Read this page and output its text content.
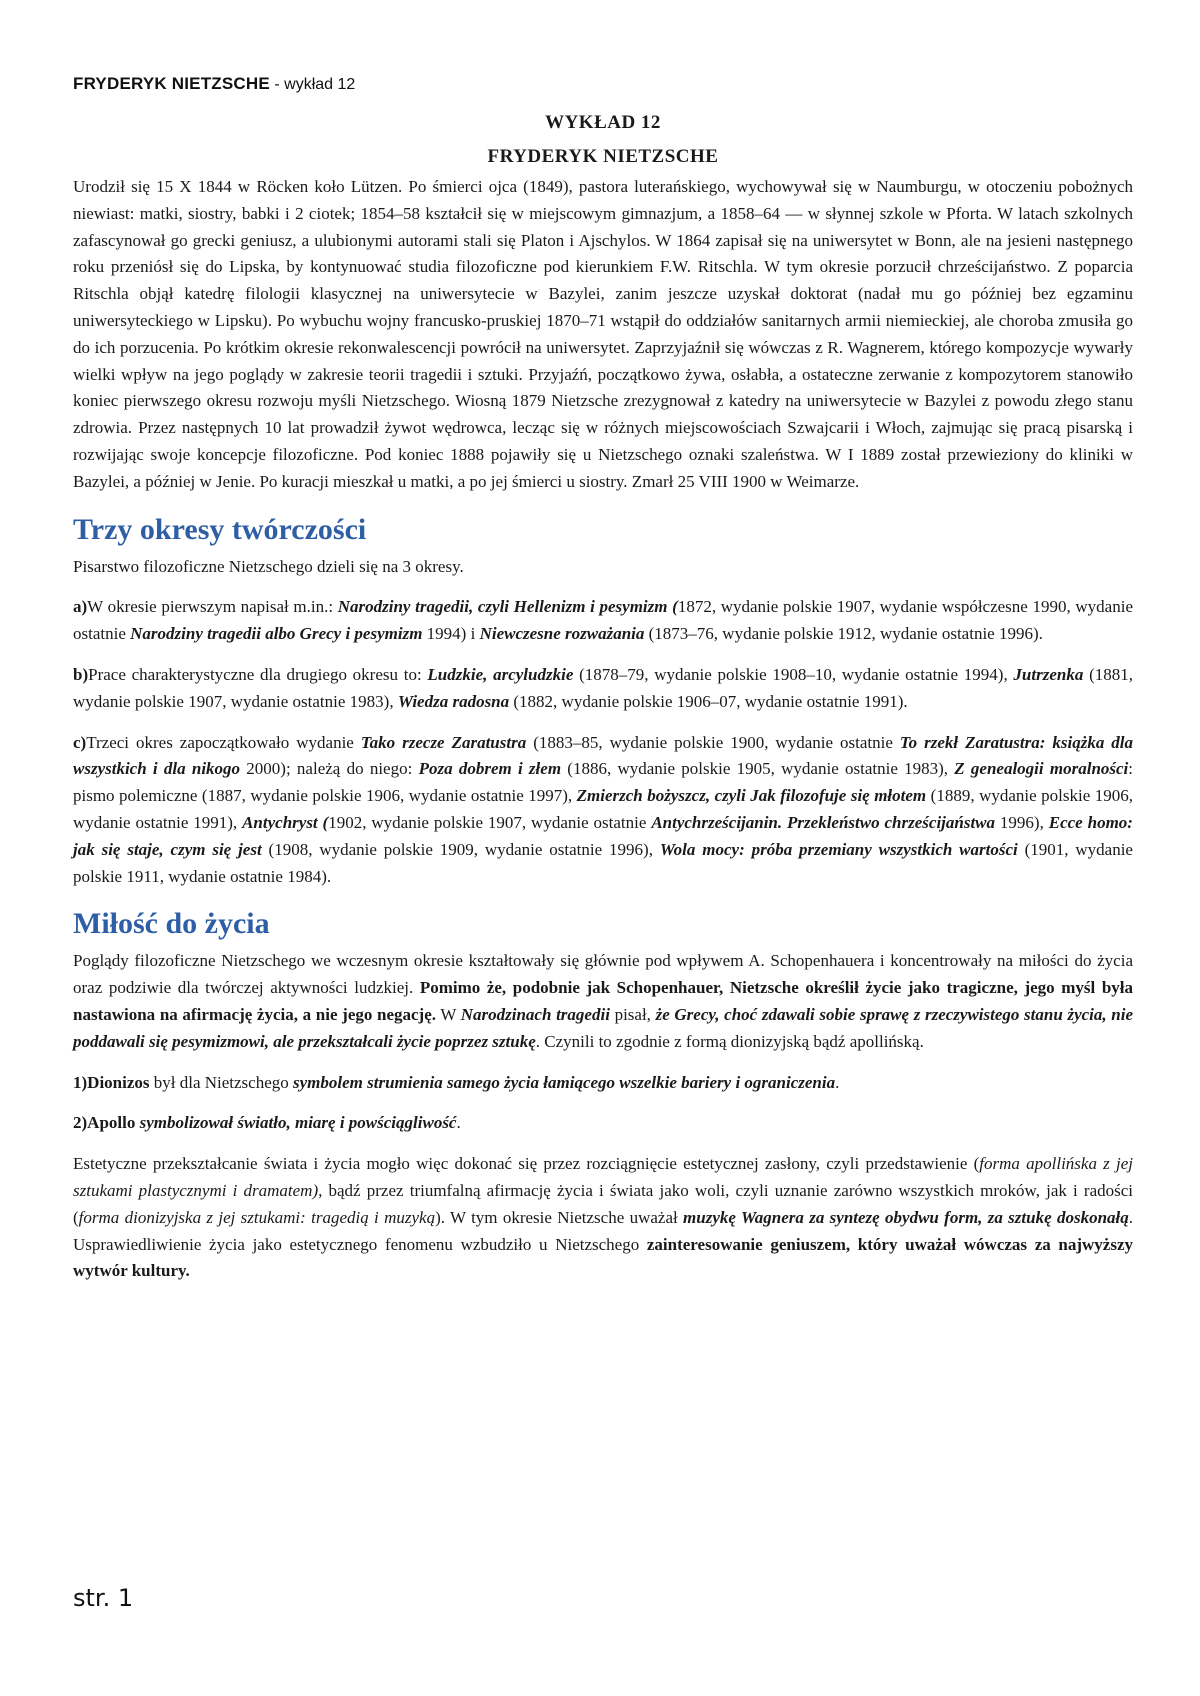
FRYDERYK NIETZSCHE - wykład 12
WYKŁAD 12
FRYDERYK NIETZSCHE

Urodził się 15 X 1844 w Röcken koło Lützen. Po śmierci ojca (1849), pastora luterańskiego, wychowywał się w Naumburgu, w otoczeniu pobożnych niewiast: matki, siostry, babki i 2 ciotek; 1854–58 kształcił się w miejscowym gimnazjum, a 1858–64 — w słynnej szkole w Pforta. W latach szkolnych zafascynował go grecki geniusz, a ulubionymi autorami stali się Platon i Ajschylos. W 1864 zapisał się na uniwersytet w Bonn, ale na jesieni następnego roku przeniósł się do Lipska, by kontynuować studia filozoficzne pod kierunkiem F.W. Ritschla. W tym okresie porzucił chrześcijaństwo. Z poparcia Ritschla objął katedrę filologii klasycznej na uniwersytecie w Bazylei, zanim jeszcze uzyskał doktorat (nadał mu go później bez egzaminu uniwersyteckiego w Lipsku). Po wybuchu wojny francusko-pruskiej 1870–71 wstąpił do oddziałów sanitarnych armii niemieckiej, ale choroba zmusiła go do ich porzucenia. Po krótkim okresie rekonwalescencji powrócił na uniwersytet. Zaprzyjaźnił się wówczas z R. Wagnerem, którego kompozycje wywarły wielki wpływ na jego poglądy w zakresie teorii tragedii i sztuki. Przyjaźń, początkowo żywa, osłabła, a ostateczne zerwanie z kompozytorem stanowiło koniec pierwszego okresu rozwoju myśli Nietzschego. Wiosną 1879 Nietzsche zrezygnował z katedry na uniwersytecie w Bazylei z powodu złego stanu zdrowia. Przez następnych 10 lat prowadził żywot wędrowca, lecząc się w różnych miejscowościach Szwajcarii i Włoch, zajmując się pracą pisarską i rozwijając swoje koncepcje filozoficzne. Pod koniec 1888 pojawiły się u Nietzschego oznaki szaleństwa. W I 1889 został przewieziony do kliniki w Bazylei, a później w Jenie. Po kuracji mieszkał u matki, a po jej śmierci u siostry. Zmarł 25 VIII 1900 w Weimarze.

Trzy okresy twórczości

Pisarstwo filozoficzne Nietzschego dzieli się na 3 okresy.

a)W okresie pierwszym napisał m.in.: Narodziny tragedii, czyli Hellenizm i pesymizm (1872, wydanie polskie 1907, wydanie współczesne 1990, wydanie ostatnie Narodziny tragedii albo Grecy i pesymizm 1994) i Niewczesne rozważania (1873–76, wydanie polskie 1912, wydanie ostatnie 1996).

b)Prace charakterystyczne dla drugiego okresu to: Ludzkie, arcyludzkie (1878–79, wydanie polskie 1908–10, wydanie ostatnie 1994), Jutrzenka (1881, wydanie polskie 1907, wydanie ostatnie 1983), Wiedza radosna (1882, wydanie polskie 1906–07, wydanie ostatnie 1991).

c)Trzeci okres zapoczątkowało wydanie Tako rzecze Zaratustra (1883–85, wydanie polskie 1900, wydanie ostatnie To rzekł Zaratustra: książka dla wszystkich i dla nikogo 2000); należą do niego: Poza dobrem i złem (1886, wydanie polskie 1905, wydanie ostatnie 1983), Z genealogii moralności: pismo polemiczne (1887, wydanie polskie 1906, wydanie ostatnie 1997), Zmierzch bożyszcz, czyli Jak filozofuje się młotem (1889, wydanie polskie 1906, wydanie ostatnie 1991), Antychryst (1902, wydanie polskie 1907, wydanie ostatnie Antychrześcijanin. Przekleństwo chrześcijaństwa 1996), Ecce homo: jak się staje, czym się jest (1908, wydanie polskie 1909, wydanie ostatnie 1996), Wola mocy: próba przemiany wszystkich wartości (1901, wydanie polskie 1911, wydanie ostatnie 1984).

Miłość do życia

Poglądy filozoficzne Nietzschego we wczesnym okresie kształtowały się głównie pod wpływem A. Schopenhauera i koncentrowały na miłości do życia oraz podziwie dla twórczej aktywności ludzkiej. Pomimo że, podobnie jak Schopenhauer, Nietzsche określił życie jako tragiczne, jego myśl była nastawiona na afirmację życia, a nie jego negację. W Narodzinach tragedii pisał, że Grecy, choć zdawali sobie sprawę z rzeczywistego stanu życia, nie poddawali się pesymizmowi, ale przekształcali życie poprzez sztukę. Czynili to zgodnie z formą dionizyjską bądź apollińską.

1)Dionizos był dla Nietzschego symbolem strumienia samego życia łamiącego wszelkie bariery i ograniczenia.

2)Apollo symbolizował światło, miarę i powściągliwość.

Estetyczne przekształcanie świata i życia mogło więc dokonać się przez rozciągnięcie estetycznej zasłony, czyli przedstawienie (forma apollińska z jej sztukami plastycznymi i dramatem), bądź przez triumfalną afirmację życia i świata jako woli, czyli uznanie zarówno wszystkich mroków, jak i radości (forma dionizyjska z jej sztukami: tragedią i muzyką). W tym okresie Nietzsche uważał muzykę Wagnera za syntezę obydwu form, za sztukę doskonałą. Usprawiedliwienie życia jako estetycznego fenomenu wzbudziło u Nietzschego zainteresowanie geniuszem, który uważał wówczas za najwyższy wytwór kultury.

str. 1
